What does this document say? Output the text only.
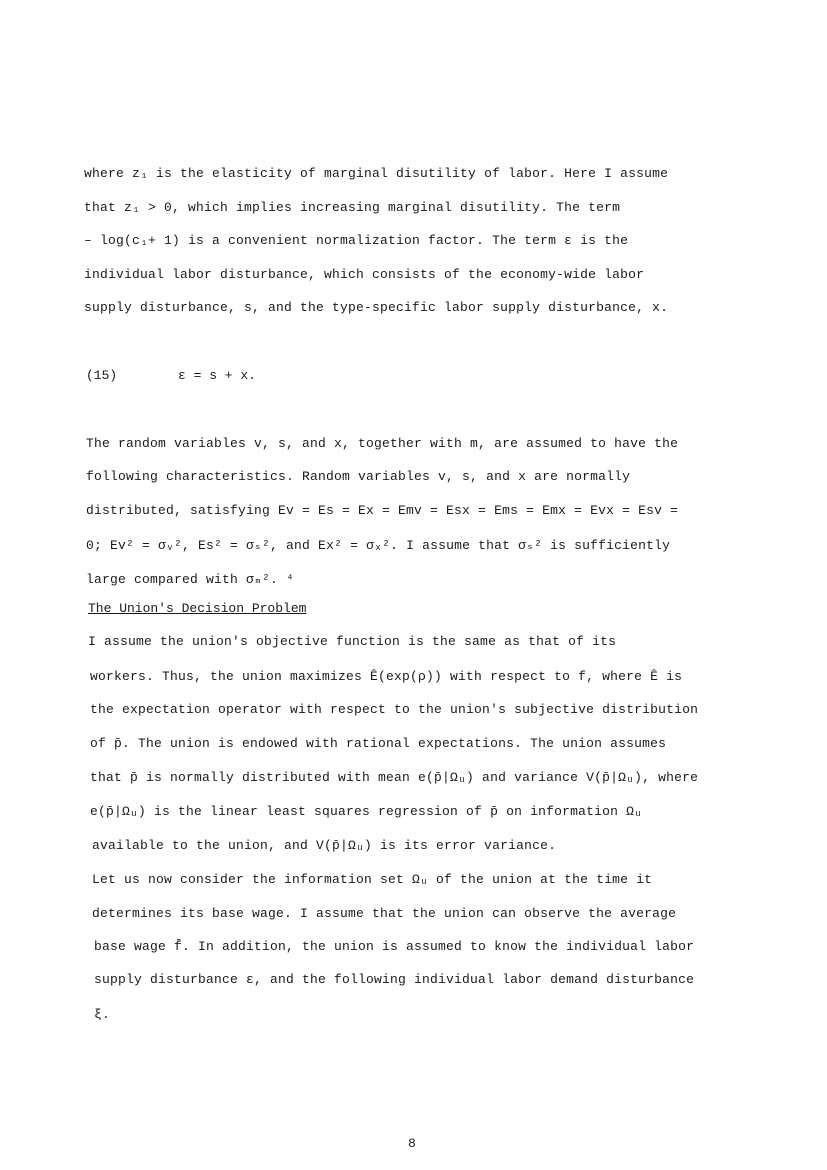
where z₁ is the elasticity of marginal disutility of labor. Here I assume
that z₁ > 0, which implies increasing marginal disutility. The term
– log(c₁+ 1) is a convenient normalization factor. The term ε is the
individual labor disturbance, which consists of the economy-wide labor
supply disturbance, s, and the type-specific labor supply disturbance, x.
(15)	ε = s + x.
The random variables v, s, and x, together with m, are assumed to have the
following characteristics. Random variables v, s, and x are normally
distributed, satisfying Ev = Es = Ex = Emv = Esx = Ems = Emx = Evx = Esv =
0; Ev² = σᵥ², Es² = σₛ², and Ex² = σₓ². I assume that σₛ² is sufficiently
large compared with σₘ². ⁴
The Union's Decision Problem
I assume the union's objective function is the same as that of its
workers. Thus, the union maximizes Ê(exp(ρ)) with respect to f, where Ê is
the expectation operator with respect to the union's subjective distribution
of p̄. The union is endowed with rational expectations. The union assumes
that p̄ is normally distributed with mean e(p̄|Ωᵤ) and variance V(p̄|Ωᵤ), where
e(p̄|Ωᵤ) is the linear least squares regression of p̄ on information Ωᵤ
available to the union, and V(p̄|Ωᵤ) is its error variance.
Let us now consider the information set Ωᵤ of the union at the time it
determines its base wage. I assume that the union can observe the average
base wage f̄. In addition, the union is assumed to know the individual labor
supply disturbance ε, and the following individual labor demand disturbance
ξ.
8
